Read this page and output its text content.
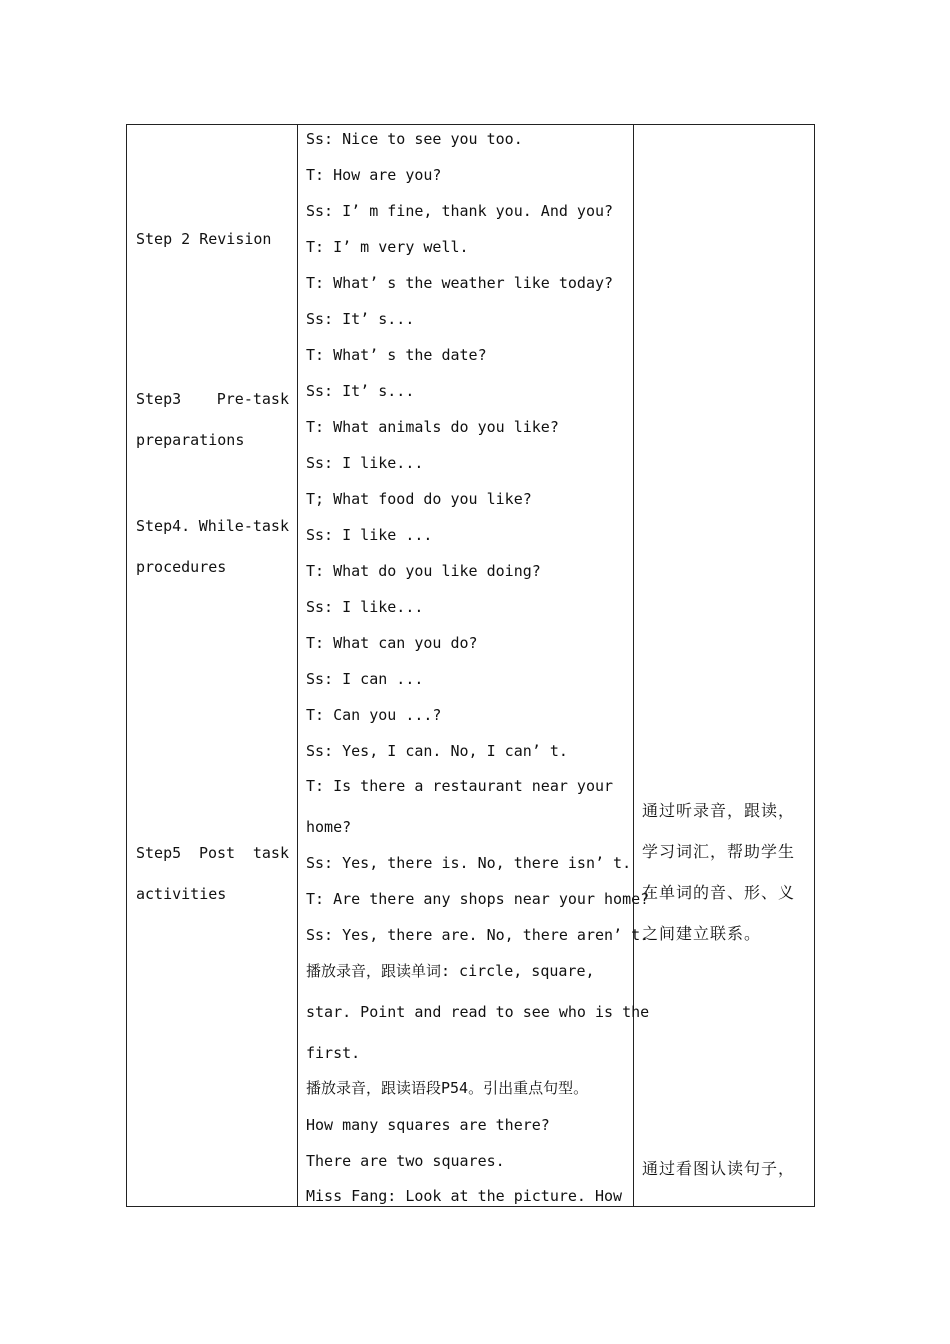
Step 2 Revision
Step3 Pre-task
preparations
Step4. While-task
procedures
Step5 Post task
activities
Ss: Nice to see you too.
T: How are you?
Ss: I’ m fine, thank you. And you?
T: I’ m very well.
T: What’ s the weather like today?
Ss: It’ s...
T: What’ s the date?
Ss: It’ s...
T: What animals do you like?
Ss: I like...
T; What food do you like?
Ss: I like ...
T: What do you like doing?
Ss: I like...
T: What can you do?
Ss: I can ...
T: Can you ...?
Ss: Yes, I can. No, I can’ t.
T: Is there a restaurant near your
home?
Ss: Yes, there is. No, there isn’ t.
T: Are there any shops near your home?
Ss: Yes, there are. No, there aren’ t.
播放录音，跟读单词: circle, square,
star. Point and read to see who is the
first.
播放录音，跟读语段P54。引出重点句型。
How many squares are there?
There are two squares.
Miss Fang: Look at the picture. How
通过听录音，跟读，
学习词汇，帮助学生
在单词的音、形、义
之间建立联系。
通过看图认读句子，
